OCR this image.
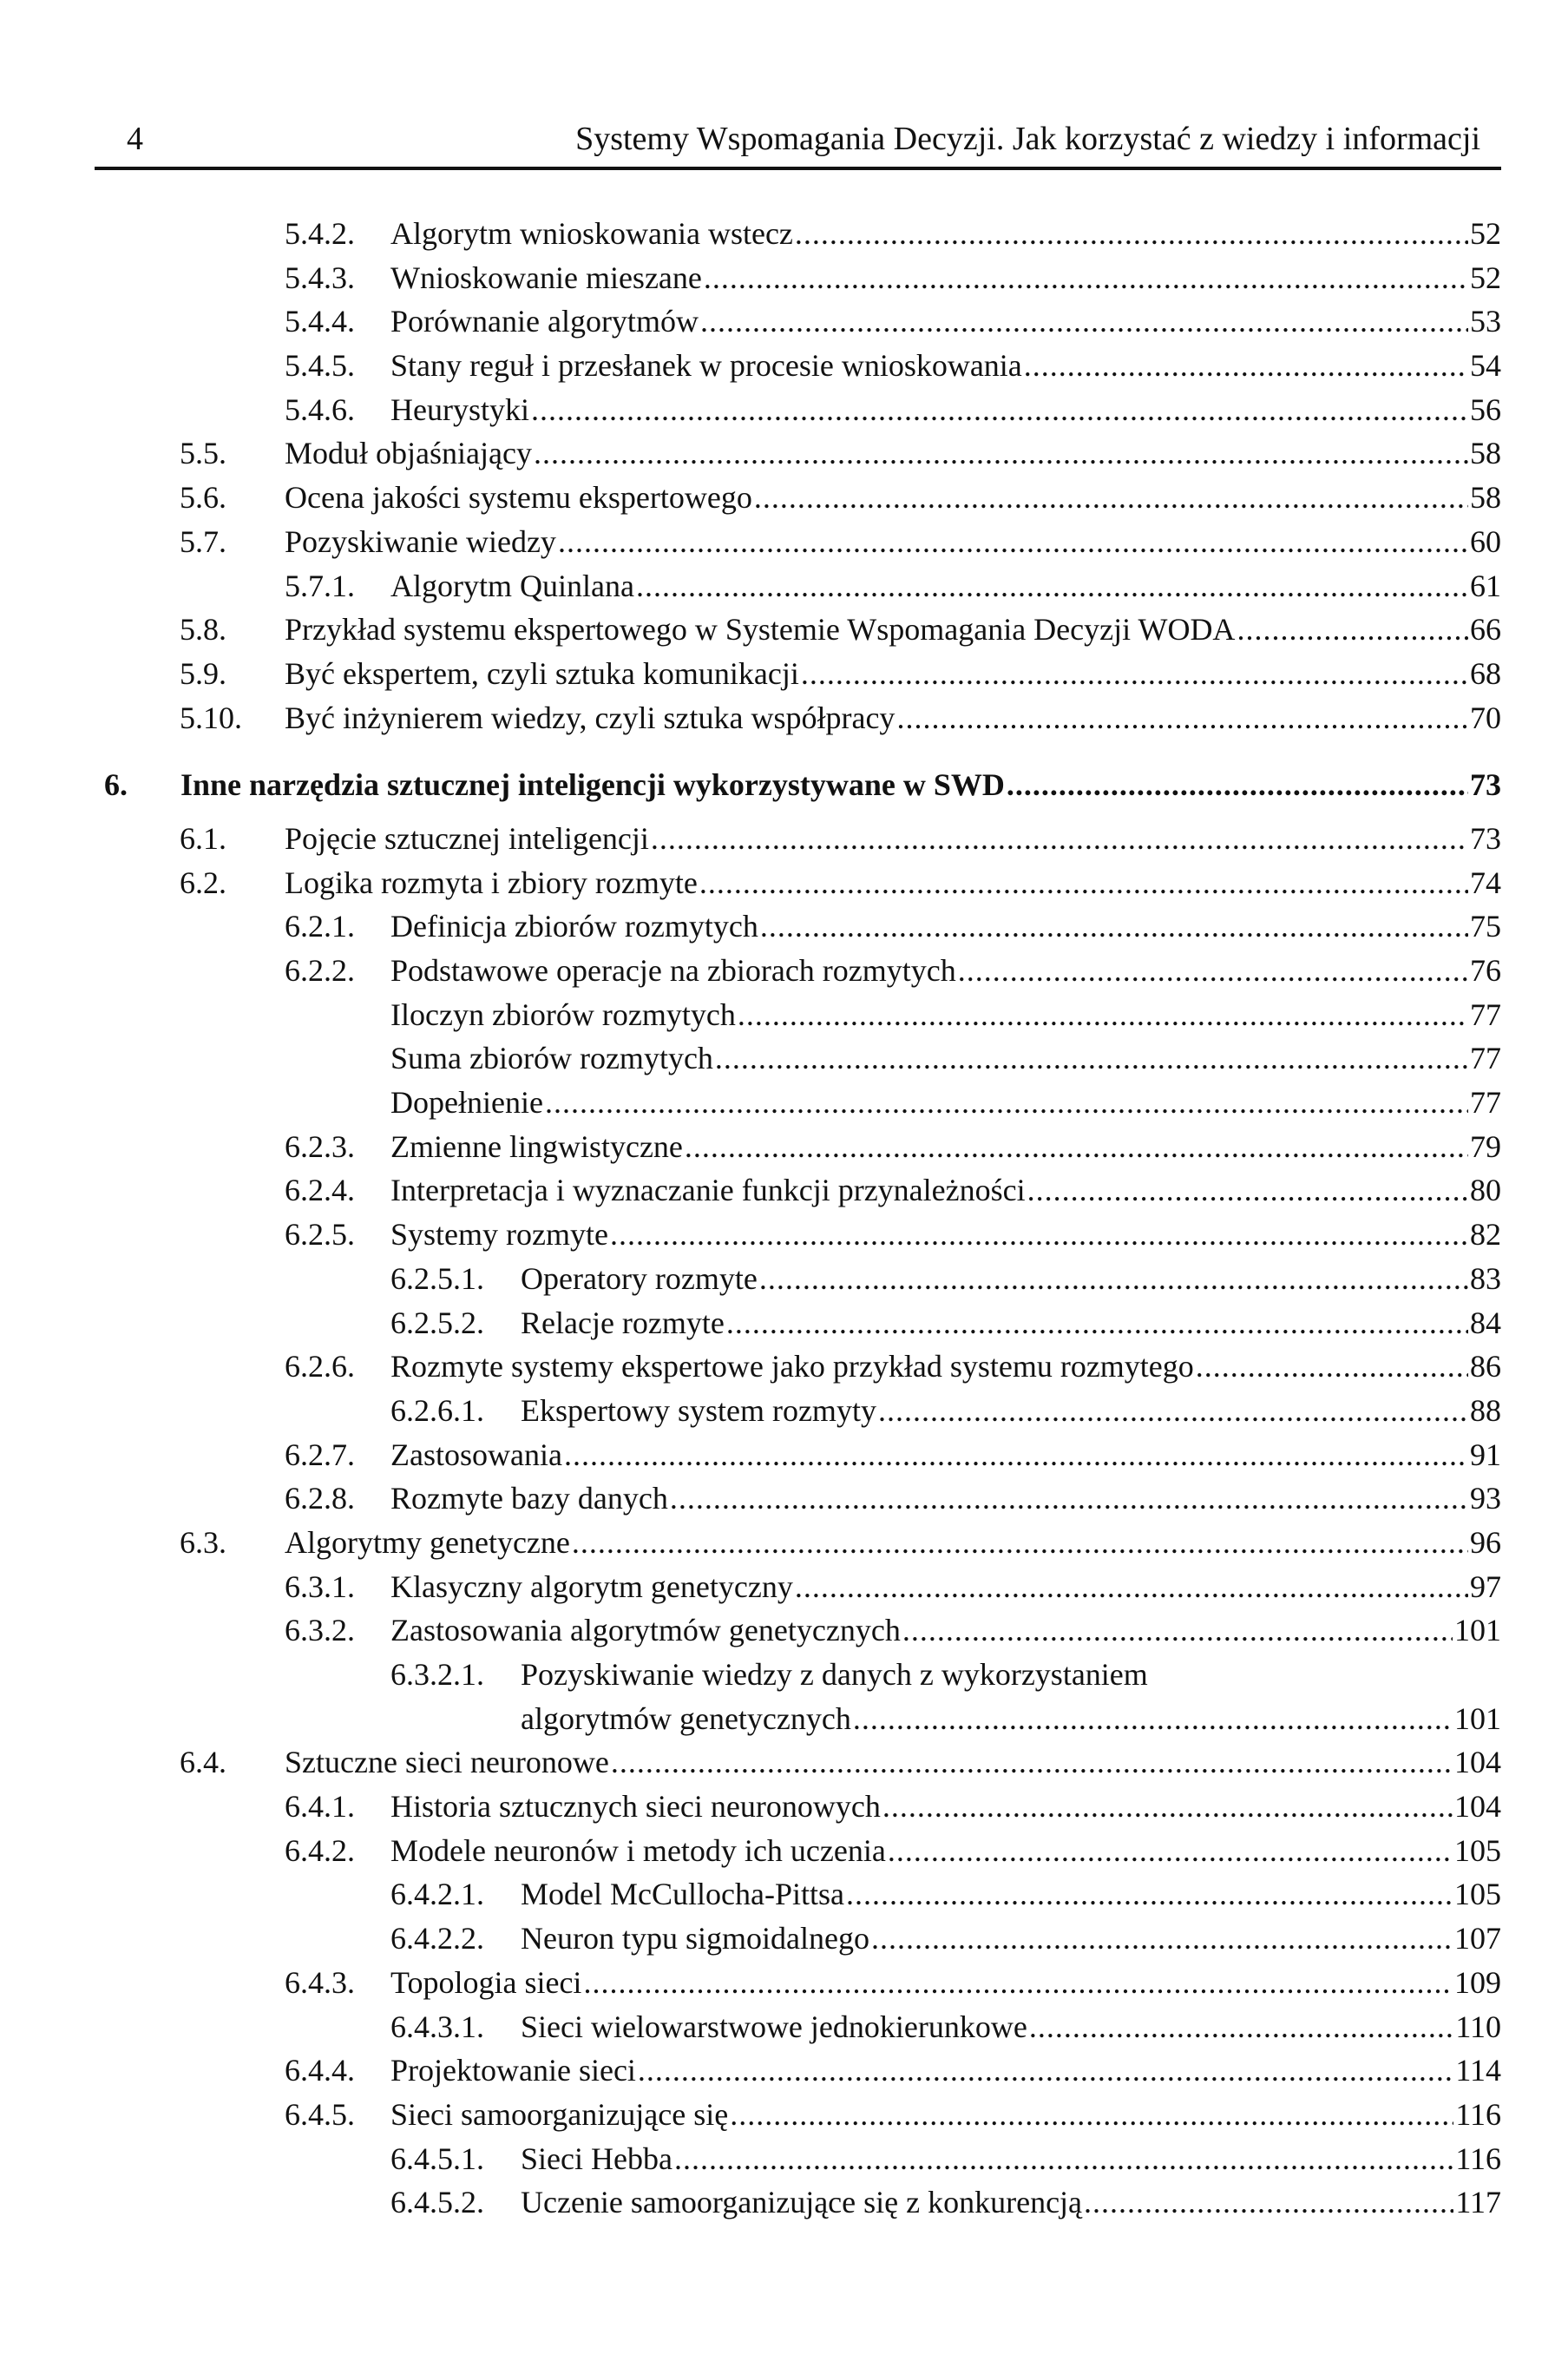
4	Systemy Wspomagania Decyzji. Jak korzystać z wiedzy i informacji
5.4.2. Algorytm wnioskowania wstecz .....	52
5.4.3. Wnioskowanie mieszane .....	52
5.4.4. Porównanie algorytmów .....	53
5.4.5. Stany reguł i przesłanek w procesie wnioskowania .....	54
5.4.6. Heurystyki .....	56
5.5. Moduł objaśniający .....	58
5.6. Ocena jakości systemu ekspertowego .....	58
5.7. Pozyskiwanie wiedzy .....	60
5.7.1. Algorytm Quinlana .....	61
5.8. Przykład systemu ekspertowego w Systemie Wspomagania Decyzji WODA .....	66
5.9. Być ekspertem, czyli sztuka komunikacji .....	68
5.10. Być inżynierem wiedzy, czyli sztuka współpracy .....	70
6. Inne narzędzia sztucznej inteligencji wykorzystywane w SWD .....	73
6.1. Pojęcie sztucznej inteligencji .....	73
6.2. Logika rozmyta i zbiory rozmyte .....	74
6.2.1. Definicja zbiorów rozmytych .....	75
6.2.2. Podstawowe operacje na zbiorach rozmytych .....	76
Iloczyn zbiorów rozmytych .....	77
Suma zbiorów rozmytych .....	77
Dopełnienie .....	77
6.2.3. Zmienne lingwistyczne .....	79
6.2.4. Interpretacja i wyznaczanie funkcji przynależności .....	80
6.2.5. Systemy rozmyte .....	82
6.2.5.1. Operatory rozmyte .....	83
6.2.5.2. Relacje rozmyte .....	84
6.2.6. Rozmyte systemy ekspertowe jako przykład systemu rozmytego .....	86
6.2.6.1. Ekspertowy system rozmyty .....	88
6.2.7. Zastosowania .....	91
6.2.8. Rozmyte bazy danych .....	93
6.3. Algorytmy genetyczne .....	96
6.3.1. Klasyczny algorytm genetyczny .....	97
6.3.2. Zastosowania algorytmów genetycznych .....	101
6.3.2.1. Pozyskiwanie wiedzy z danych z wykorzystaniem
algorytmów genetycznych .....	101
6.4. Sztuczne sieci neuronowe .....	104
6.4.1. Historia sztucznych sieci neuronowych .....	104
6.4.2. Modele neuronów i metody ich uczenia .....	105
6.4.2.1. Model McCullocha-Pittsa .....	105
6.4.2.2. Neuron typu sigmoidalnego .....	107
6.4.3. Topologia sieci .....	109
6.4.3.1. Sieci wielowarstwowe jednokierunkowe .....	110
6.4.4. Projektowanie sieci .....	114
6.4.5. Sieci samoorganizujące się .....	116
6.4.5.1. Sieci Hebba .....	116
6.4.5.2. Uczenie samoorganizujące się z konkurencją .....	117
